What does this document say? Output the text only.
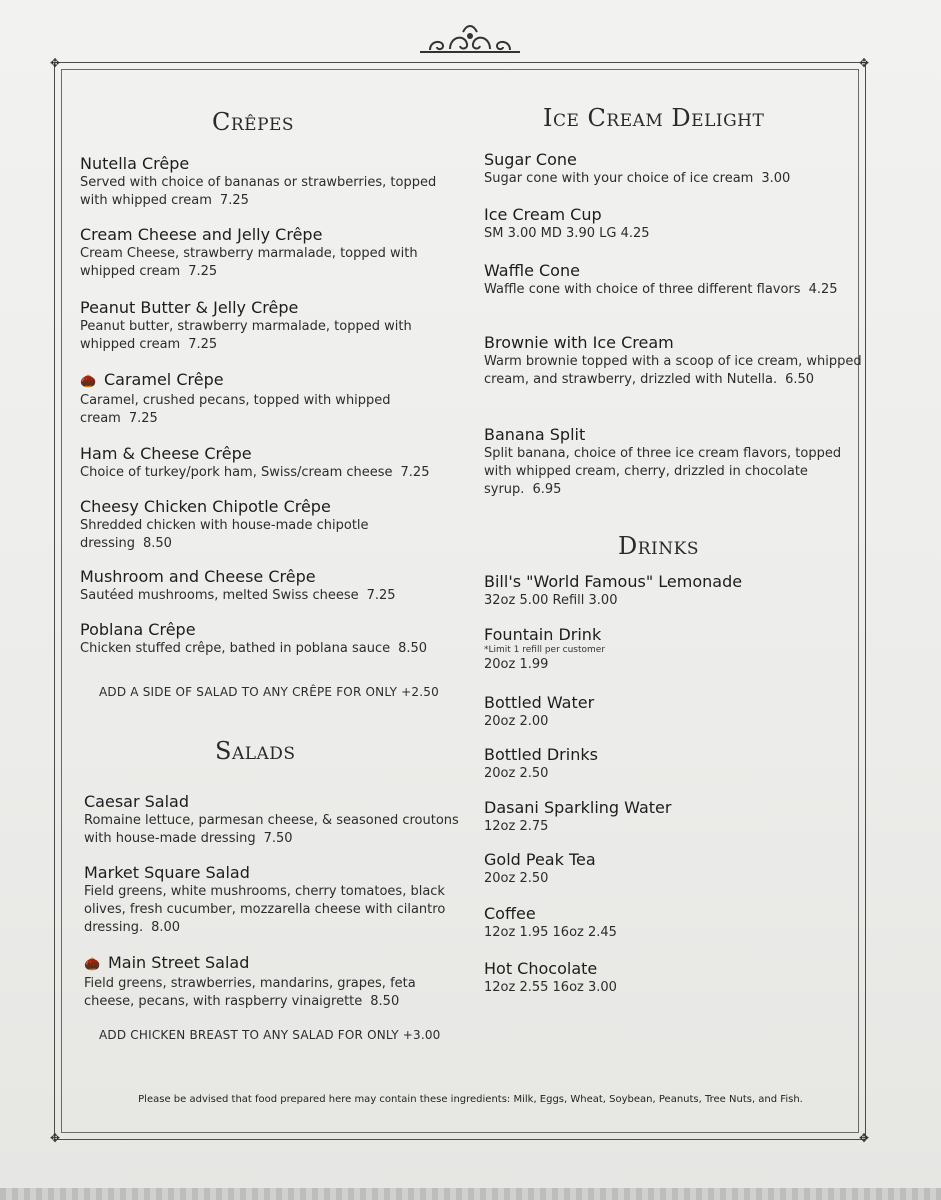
✥	✥
✥	✥
Crêpes
Nutella Crêpe
Served with choice of bananas or strawberries, topped with whipped cream 7.25
Cream Cheese and Jelly Crêpe
Cream Cheese, strawberry marmalade, topped with whipped cream 7.25
Peanut Butter & Jelly Crêpe
Peanut butter, strawberry marmalade, topped with whipped cream 7.25
🌰 Caramel Crêpe
Caramel, crushed pecans, topped with whipped cream 7.25
Ham & Cheese Crêpe
Choice of turkey/pork ham, Swiss/cream cheese 7.25
Cheesy Chicken Chipotle Crêpe
Shredded chicken with house-made chipotle dressing 8.50
Mushroom and Cheese Crêpe
Sautéed mushrooms, melted Swiss cheese 7.25
Poblana Crêpe
Chicken stuffed crêpe, bathed in poblana sauce 8.50
ADD A SIDE OF SALAD TO ANY CRÊPE FOR ONLY +2.50
Salads
Caesar Salad
Romaine lettuce, parmesan cheese, & seasoned croutons with house-made dressing 7.50
Market Square Salad
Field greens, white mushrooms, cherry tomatoes, black olives, fresh cucumber, mozzarella cheese with cilantro dressing. 8.00
🌰 Main Street Salad
Field greens, strawberries, mandarins, grapes, feta cheese, pecans, with raspberry vinaigrette 8.50
ADD CHICKEN BREAST TO ANY SALAD FOR ONLY +3.00
Ice Cream Delight
Sugar Cone
Sugar cone with your choice of ice cream 3.00
Ice Cream Cup
SM 3.00 MD 3.90 LG 4.25
Waffle Cone
Waffle cone with choice of three different flavors 4.25
Brownie with Ice Cream
Warm brownie topped with a scoop of ice cream, whipped cream, and strawberry, drizzled with Nutella. 6.50
Banana Split
Split banana, choice of three ice cream flavors, topped with whipped cream, cherry, drizzled in chocolate syrup. 6.95
Drinks
Bill's "World Famous" Lemonade
32oz 5.00 Refill 3.00
Fountain Drink
*Limit 1 refill per customer
20oz 1.99
Bottled Water
20oz 2.00
Bottled Drinks
20oz 2.50
Dasani Sparkling Water
12oz 2.75
Gold Peak Tea
20oz 2.50
Coffee
12oz 1.95 16oz 2.45
Hot Chocolate
12oz 2.55 16oz 3.00
Please be advised that food prepared here may contain these ingredients: Milk, Eggs, Wheat, Soybean, Peanuts, Tree Nuts, and Fish.
